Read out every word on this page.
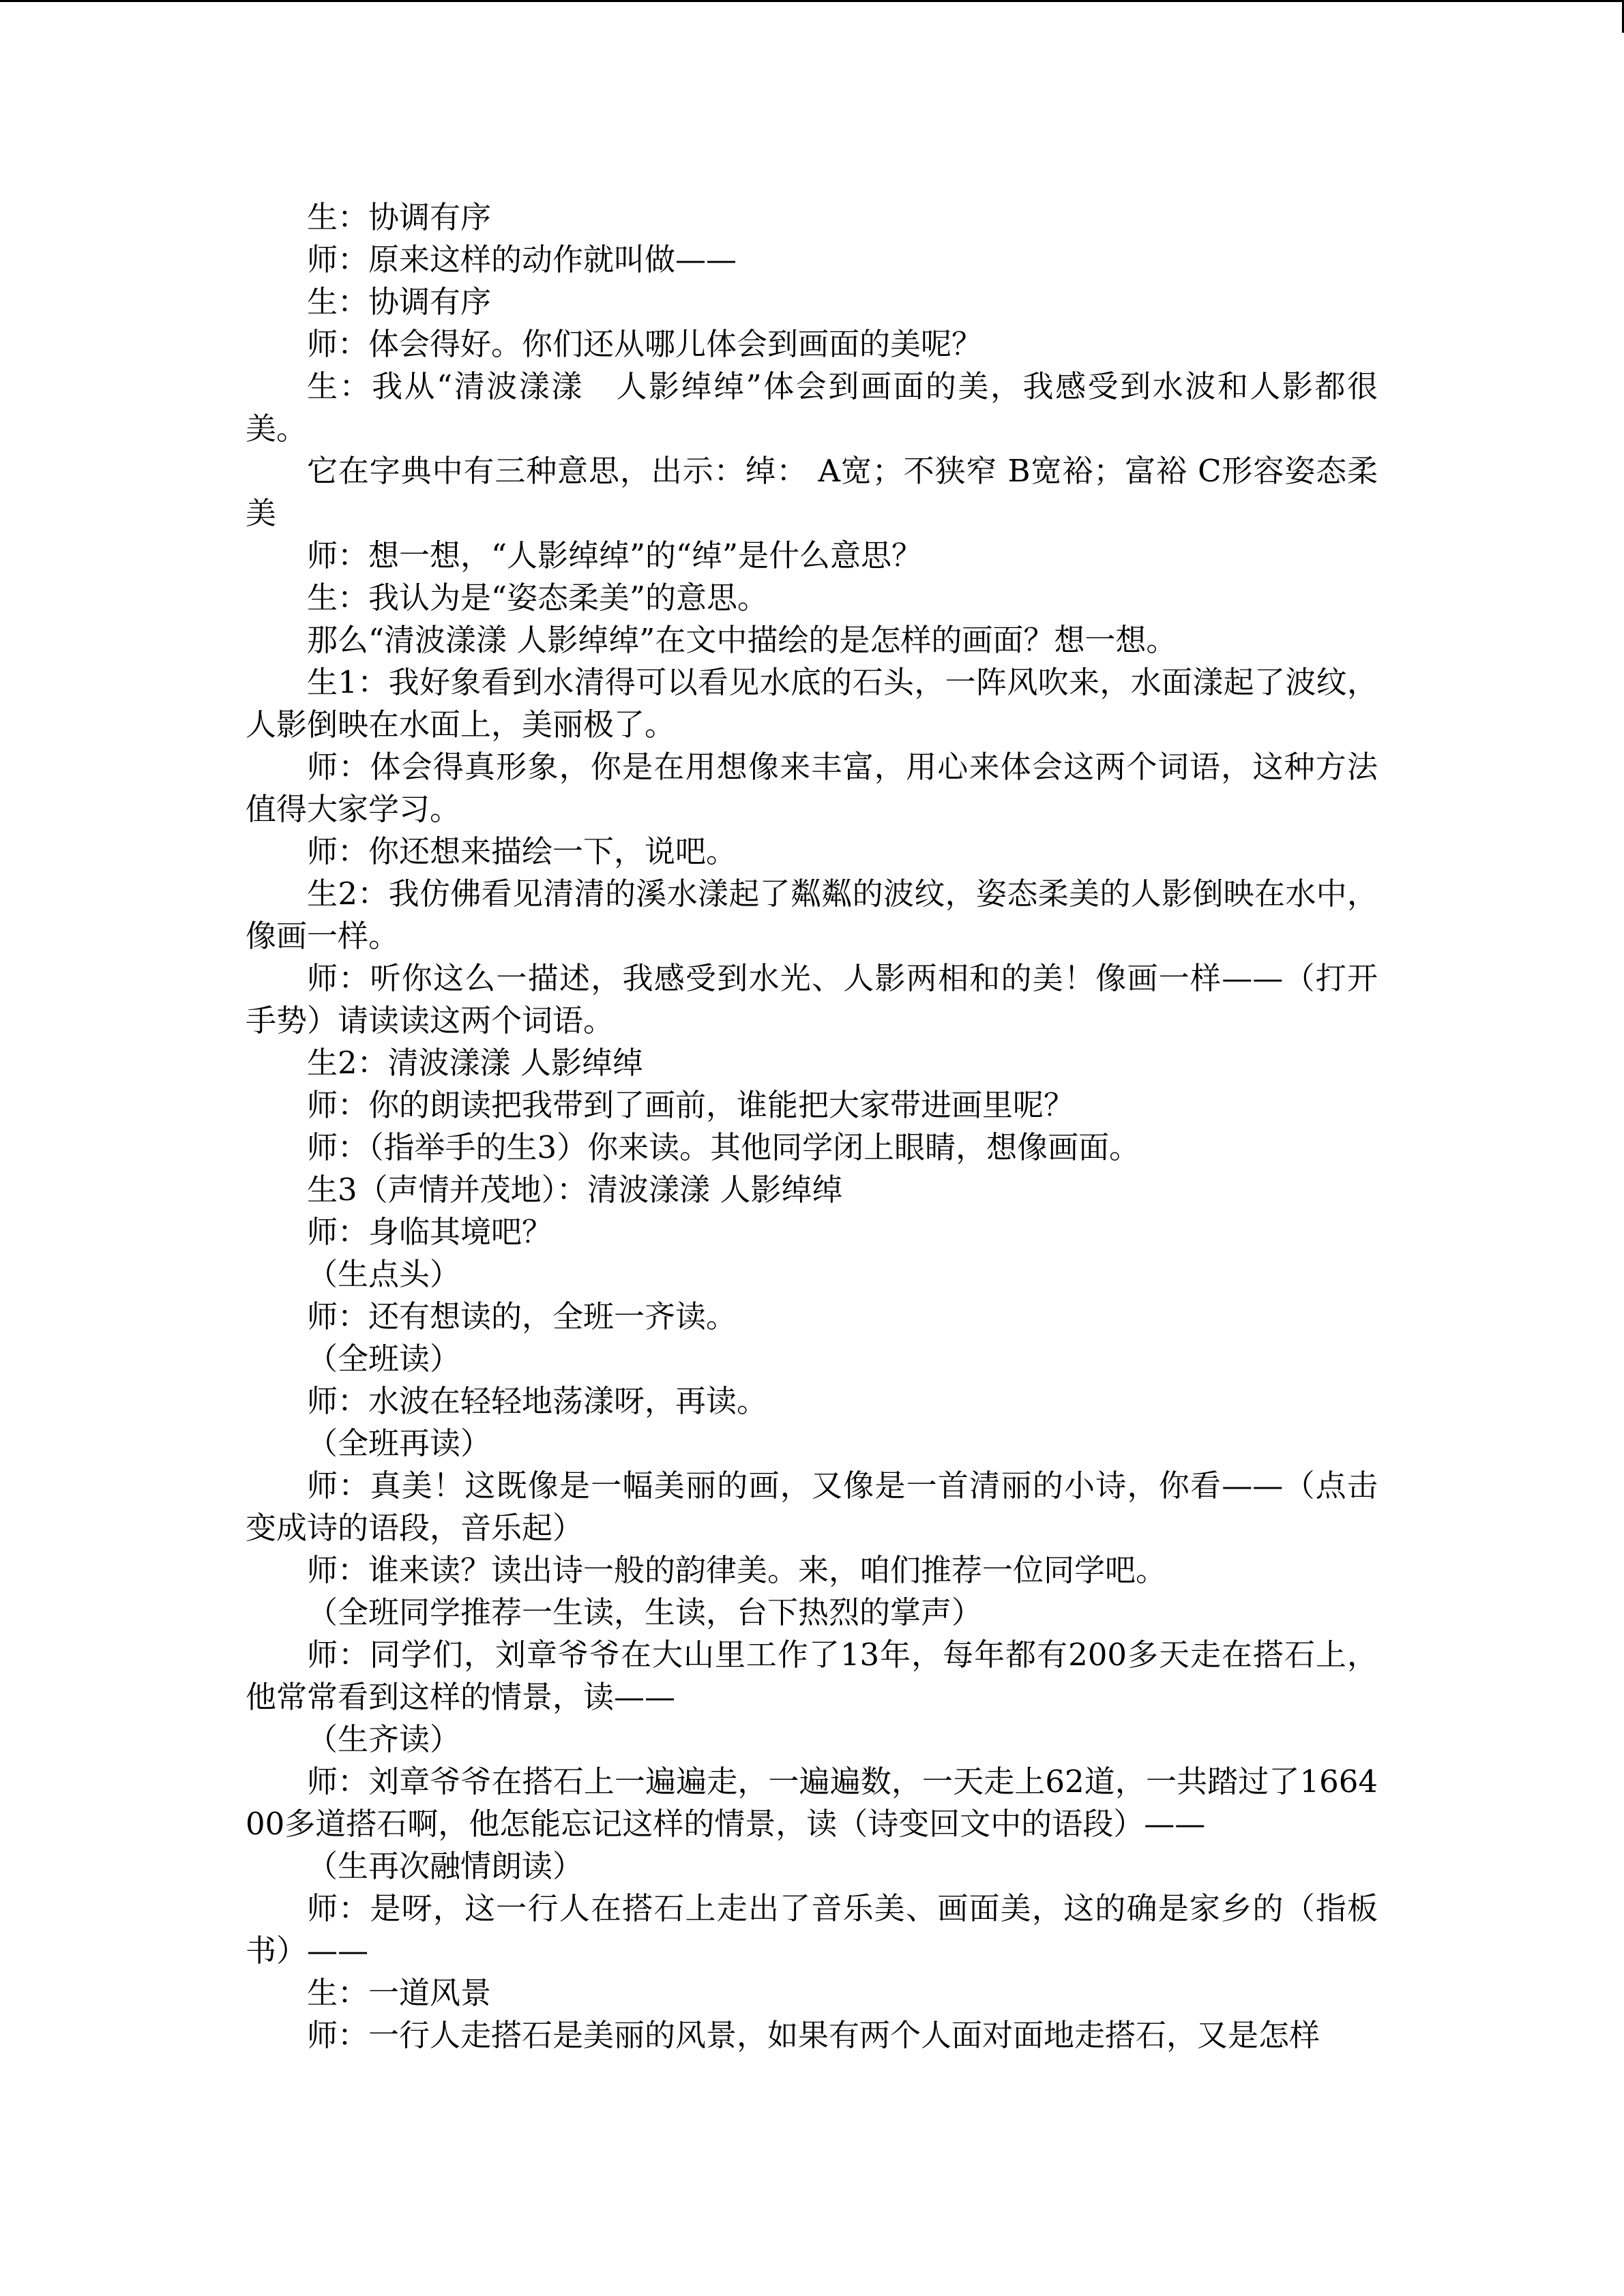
生：协调有序

师：原来这样的动作就叫做——

生：协调有序

师：体会得好。你们还从哪儿体会到画面的美呢？

生：我从“清波漾漾　人影绰绰”体会到画面的美，我感受到水波和人影都很美。

它在字典中有三种意思，出示：绰： A宽；不狭窄 B宽裕；富裕 C形容姿态柔美

师：想一想，“人影绰绰”的“绰”是什么意思？

生：我认为是“姿态柔美”的意思。

那么“清波漾漾 人影绰绰”在文中描绘的是怎样的画面？想一想。

生1：我好象看到水清得可以看见水底的石头，一阵风吹来，水面漾起了波纹，人影倒映在水面上，美丽极了。

师：体会得真形象，你是在用想像来丰富，用心来体会这两个词语，这种方法值得大家学习。

师：你还想来描绘一下，说吧。

生2：我仿佛看见清清的溪水漾起了粼粼的波纹，姿态柔美的人影倒映在水中，像画一样。

师：听你这么一描述，我感受到水光、人影两相和的美！像画一样——（打开手势）请读读这两个词语。

生2：清波漾漾 人影绰绰

师：你的朗读把我带到了画前，谁能把大家带进画里呢？

师：（指举手的生3）你来读。其他同学闭上眼睛，想像画面。

生3（声情并茂地）：清波漾漾 人影绰绰

师：身临其境吧？

（生点头）

师：还有想读的，全班一齐读。

（全班读）

师：水波在轻轻地荡漾呀，再读。

（全班再读）

师：真美！这既像是一幅美丽的画，又像是一首清丽的小诗，你看——（点击变成诗的语段，音乐起）

师：谁来读？读出诗一般的韵律美。来，咱们推荐一位同学吧。

（全班同学推荐一生读，生读，台下热烈的掌声）

师：同学们，刘章爷爷在大山里工作了13年，每年都有200多天走在搭石上，他常常看到这样的情景，读——

（生齐读）

师：刘章爷爷在搭石上一遍遍走，一遍遍数，一天走上62道，一共踏过了166400多道搭石啊，他怎能忘记这样的情景，读（诗变回文中的语段）——

（生再次融情朗读）

师：是呀，这一行人在搭石上走出了音乐美、画面美，这的确是家乡的（指板书）——

生：一道风景

师：一行人走搭石是美丽的风景，如果有两个人面对面地走搭石，又是怎样
